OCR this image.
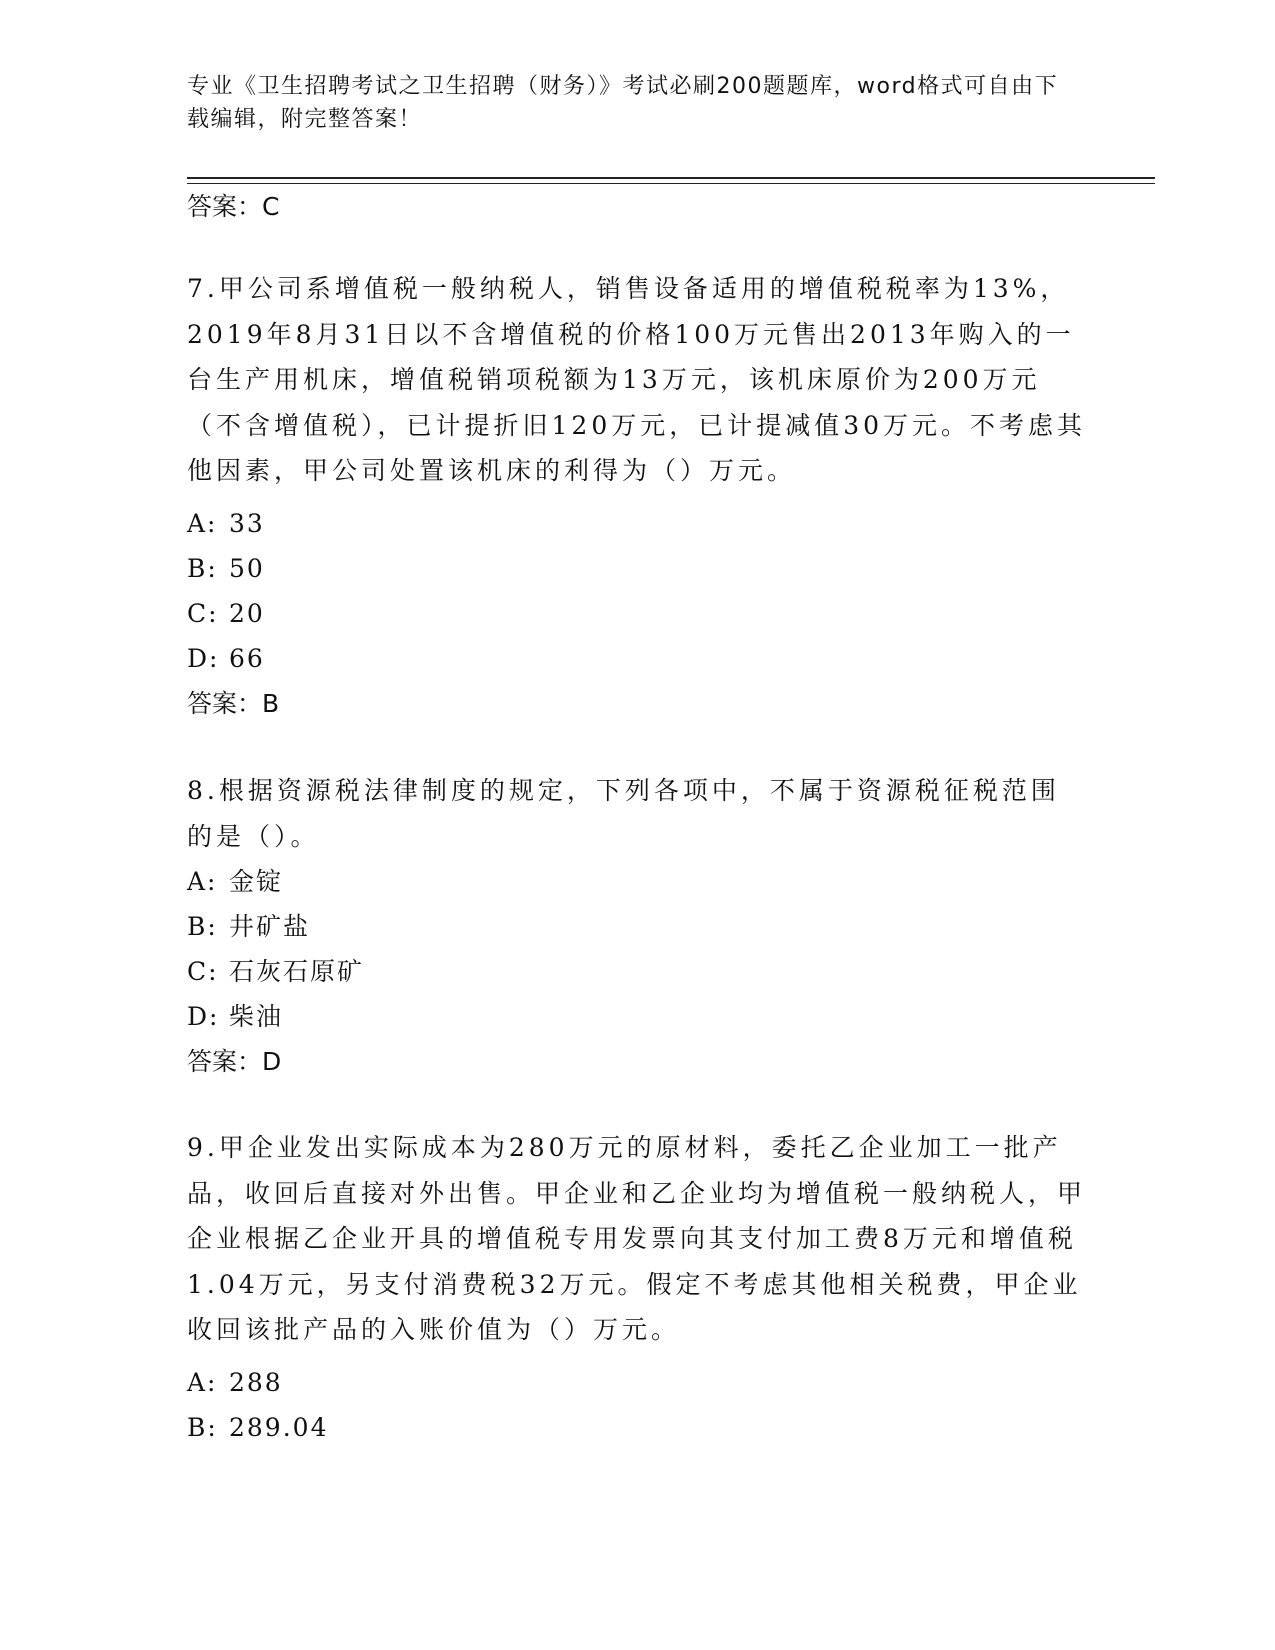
专业《卫生招聘考试之卫生招聘（财务）》考试必刷200题题库，word格式可自由下载编辑，附完整答案！
答案：C

7.甲公司系增值税一般纳税人，销售设备适用的增值税税率为13%，2019年8月31日以不含增值税的价格100万元售出2013年购入的一台生产用机床，增值税销项税额为13万元，该机床原价为200万元（不含增值税），已计提折旧120万元，已计提减值30万元。不考虑其他因素，甲公司处置该机床的利得为（）万元。

A: 33
B: 50
C: 20
D: 66
答案：B

8.根据资源税法律制度的规定，下列各项中，不属于资源税征税范围的是（）。

A: 金锭
B: 井矿盐
C: 石灰石原矿
D: 柴油
答案：D

9.甲企业发出实际成本为280万元的原材料，委托乙企业加工一批产品，收回后直接对外出售。甲企业和乙企业均为增值税一般纳税人，甲企业根据乙企业开具的增值税专用发票向其支付加工费8万元和增值税1.04万元，另支付消费税32万元。假定不考虑其他相关税费，甲企业收回该批产品的入账价值为（）万元。

A: 288
B: 289.04
